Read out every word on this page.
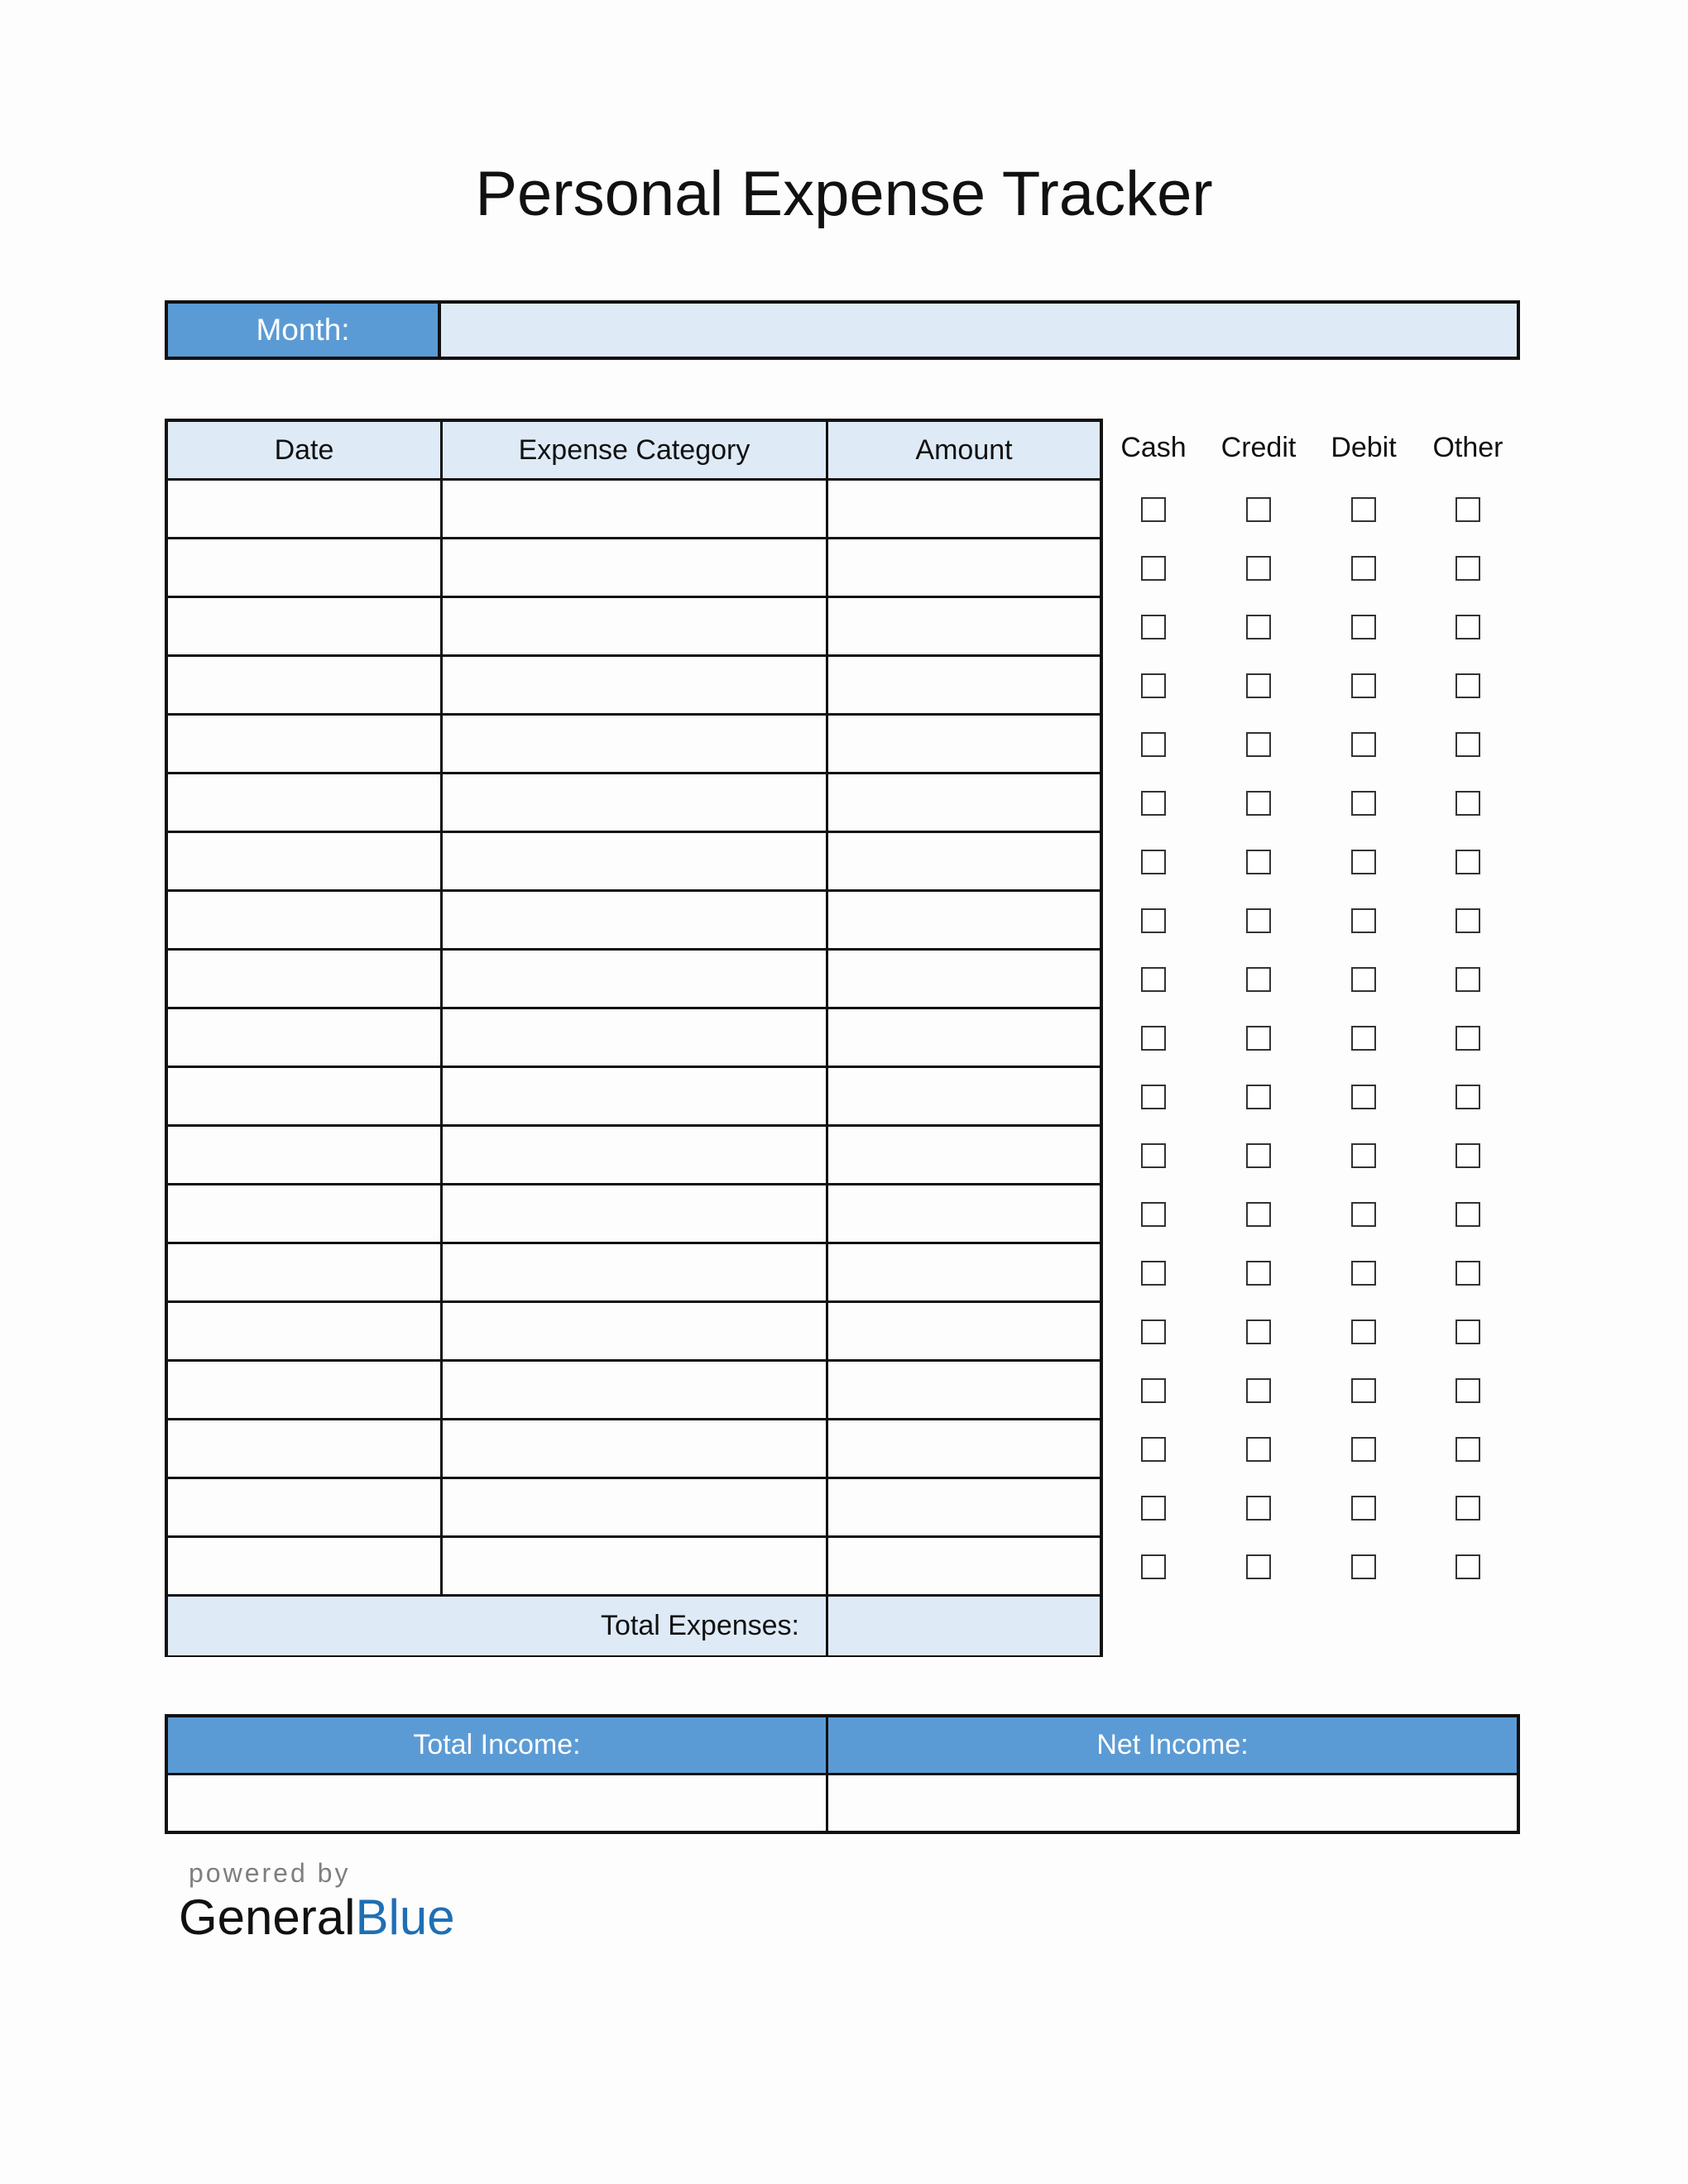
Personal Expense Tracker
Month:
Date	Expense Category	Amount
Total Expenses:
Cash	Credit	Debit	Other
Total Income:	Net Income:
powered by
GeneralBlue
